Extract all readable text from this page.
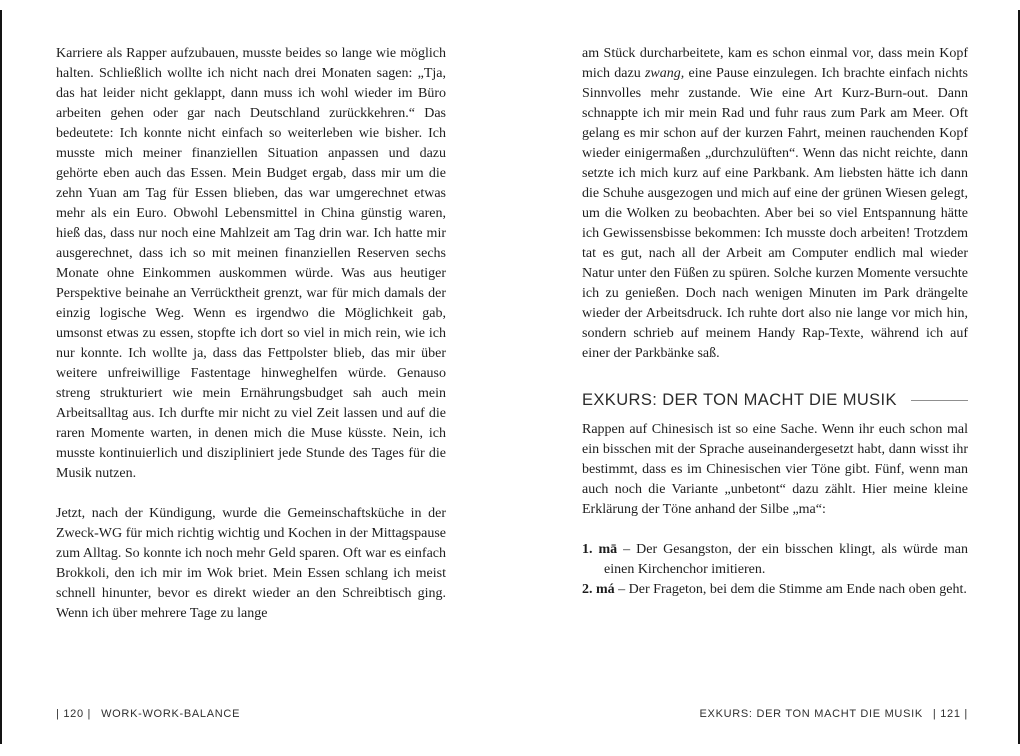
Karriere als Rapper aufzubauen, musste beides so lange wie möglich halten. Schließlich wollte ich nicht nach drei Monaten sagen: „Tja, das hat leider nicht geklappt, dann muss ich wohl wieder im Büro arbeiten gehen oder gar nach Deutschland zurückkehren.“ Das bedeutete: Ich konnte nicht einfach so weiterleben wie bisher. Ich musste mich meiner finanziellen Situation anpassen und dazu gehörte eben auch das Essen. Mein Budget ergab, dass mir um die zehn Yuan am Tag für Essen blieben, das war umgerechnet etwas mehr als ein Euro. Obwohl Lebensmittel in China günstig waren, hieß das, dass nur noch eine Mahlzeit am Tag drin war. Ich hatte mir ausgerechnet, dass ich so mit meinen finanziellen Reserven sechs Monate ohne Einkommen auskommen würde. Was aus heutiger Perspektive beinahe an Verrücktheit grenzt, war für mich damals der einzig logische Weg. Wenn es irgendwo die Möglichkeit gab, umsonst etwas zu essen, stopfte ich dort so viel in mich rein, wie ich nur konnte. Ich wollte ja, dass das Fettpolster blieb, das mir über weitere unfreiwillige Fastentage hinweghelfen würde. Genauso streng strukturiert wie mein Ernährungsbudget sah auch mein Arbeitsalltag aus. Ich durfte mir nicht zu viel Zeit lassen und auf die raren Momente warten, in denen mich die Muse küsste. Nein, ich musste kontinuierlich und diszipliniert jede Stunde des Tages für die Musik nutzen.

Jetzt, nach der Kündigung, wurde die Gemeinschaftsküche in der Zweck-WG für mich richtig wichtig und Kochen in der Mittagspause zum Alltag. So konnte ich noch mehr Geld sparen. Oft war es einfach Brokkoli, den ich mir im Wok briet. Mein Essen schlang ich meist schnell hinunter, bevor es direkt wieder an den Schreibtisch ging. Wenn ich über mehrere Tage zu lange

| 120 | WORK-WORK-BALANCE

am Stück durcharbeitete, kam es schon einmal vor, dass mein Kopf mich dazu zwang, eine Pause einzulegen. Ich brachte einfach nichts Sinnvolles mehr zustande. Wie eine Art Kurz-Burn-out. Dann schnappte ich mir mein Rad und fuhr raus zum Park am Meer. Oft gelang es mir schon auf der kurzen Fahrt, meinen rauchenden Kopf wieder einigermaßen „durchzulüften“. Wenn das nicht reichte, dann setzte ich mich kurz auf eine Parkbank. Am liebsten hätte ich dann die Schuhe ausgezogen und mich auf eine der grünen Wiesen gelegt, um die Wolken zu beobachten. Aber bei so viel Entspannung hätte ich Gewissensbisse bekommen: Ich musste doch arbeiten! Trotzdem tat es gut, nach all der Arbeit am Computer endlich mal wieder Natur unter den Füßen zu spüren. Solche kurzen Momente versuchte ich zu genießen. Doch nach wenigen Minuten im Park drängelte wieder der Arbeitsdruck. Ich ruhte dort also nie lange vor mich hin, sondern schrieb auf meinem Handy Rap-Texte, während ich auf einer der Parkbänke saß.

EXKURS: DER TON MACHT DIE MUSIK

Rappen auf Chinesisch ist so eine Sache. Wenn ihr euch schon mal ein bisschen mit der Sprache auseinandergesetzt habt, dann wisst ihr bestimmt, dass es im Chinesischen vier Töne gibt. Fünf, wenn man auch noch die Variante „unbetont“ dazu zählt. Hier meine kleine Erklärung der Töne anhand der Silbe „ma“:

1. mā – Der Gesangston, der ein bisschen klingt, als würde man einen Kirchenchor imitieren.

2. má – Der Frageton, bei dem die Stimme am Ende nach oben geht.

EXKURS: DER TON MACHT DIE MUSIK | 121 |
